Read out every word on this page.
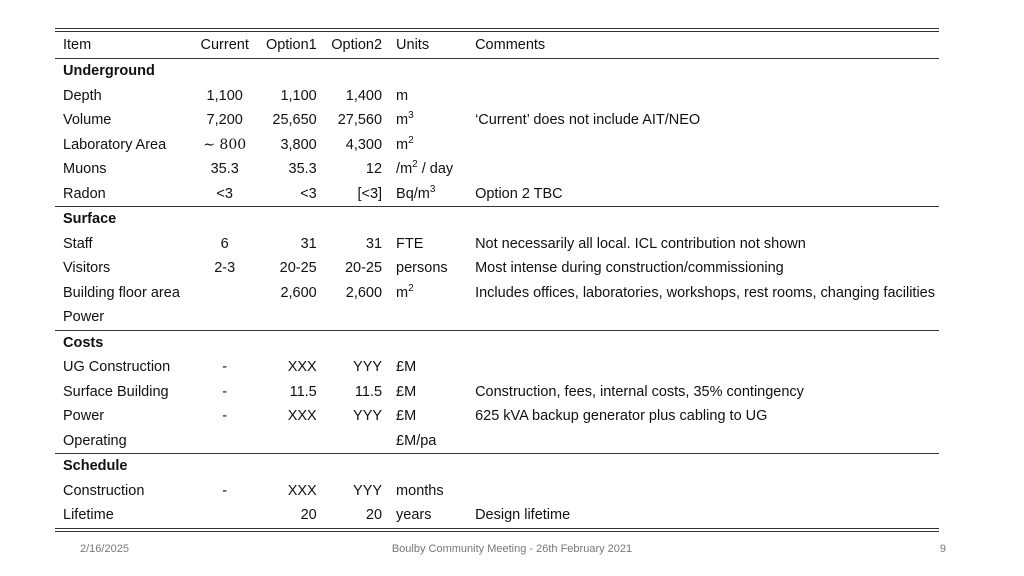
Item	Current	Option1	Option2	Units	Comments
Underground					
Depth	1,100	1,100	1,400	m	
Volume	7,200	25,650	27,560	$m^3$	‘Current’ does not include AIT/NEO
Laboratory Area	∼ 800	3,800	4,300	$m^2$	
Muons	35.3	35.3	12	$/m^2$ / day	
Radon	<3	<3	[<3]	$Bq/m^3$	Option 2 TBC
Surface					
Staff	6	31	31	FTE	Not necessarily all local. ICL contribution not shown
Visitors	2-3	20-25	20-25	persons	Most intense during construction/commissioning
Building floor area		2,600	2,600	$m^2$	Includes offices, laboratories, workshops, rest rooms, changing facilities
Power					
Costs					
UG Construction	-	XXX	YYY	£M	
Surface Building	-	11.5	11.5	£M	Construction, fees, internal costs, 35% contingency
Power	-	XXX	YYY	£M	625 kVA backup generator plus cabling to UG
Operating				£M/pa	
Schedule					
Construction	-	XXX	YYY	months	
Lifetime		20	20	years	Design lifetime
2/16/2025	Boulby Community Meeting - 26th February 2021	9
